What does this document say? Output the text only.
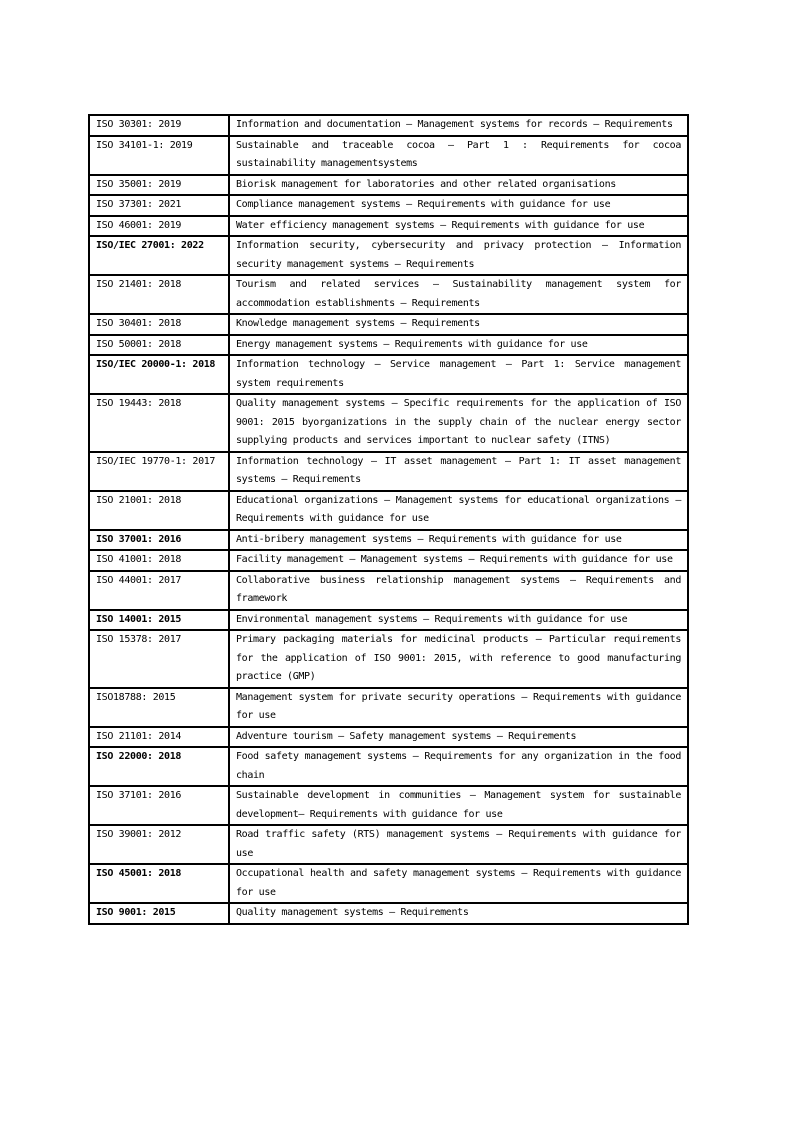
ISO 30301: 2019	Information and documentation — Management systems for records — Requirements
ISO 34101-1: 2019	Sustainable and traceable cocoa — Part 1 : Requirements for cocoa sustainability managementsystems
ISO 35001: 2019	Biorisk management for laboratories and other related organisations
ISO 37301: 2021	Compliance management systems — Requirements with guidance for use
ISO 46001: 2019	Water efficiency management systems — Requirements with guidance for use
ISO/IEC 27001: 2022	Information security, cybersecurity and privacy protection — Information security management systems — Requirements
ISO 21401: 2018	Tourism and related services — Sustainability management system for accommodation establishments — Requirements
ISO 30401: 2018	Knowledge management systems — Requirements
ISO 50001: 2018	Energy management systems — Requirements with guidance for use
ISO/IEC 20000-1: 2018	Information technology — Service management — Part 1: Service management system requirements
ISO 19443: 2018	Quality management systems — Specific requirements for the application of ISO 9001: 2015 byorganizations in the supply chain of the nuclear energy sector supplying products and services important to nuclear safety (ITNS)
ISO/IEC 19770-1: 2017	Information technology — IT asset management — Part 1: IT asset management systems — Requirements
ISO 21001: 2018	Educational organizations — Management systems for educational organizations — Requirements with guidance for use
ISO 37001: 2016	Anti-bribery management systems — Requirements with guidance for use
ISO 41001: 2018	Facility management — Management systems — Requirements with guidance for use
ISO 44001: 2017	Collaborative business relationship management systems — Requirements and framework
ISO 14001: 2015	Environmental management systems — Requirements with guidance for use
ISO 15378: 2017	Primary packaging materials for medicinal products — Particular requirements for the application of ISO 9001: 2015, with reference to good manufacturing practice (GMP)
ISO18788: 2015	Management system for private security operations — Requirements with guidance for use
ISO 21101: 2014	Adventure tourism — Safety management systems — Requirements
ISO 22000: 2018	Food safety management systems — Requirements for any organization in the food chain
ISO 37101: 2016	Sustainable development in communities — Management system for sustainable development— Requirements with guidance for use
ISO 39001: 2012	Road traffic safety (RTS) management systems — Requirements with guidance for use
ISO 45001: 2018	Occupational health and safety management systems — Requirements with guidance for use
ISO 9001: 2015	Quality management systems — Requirements
